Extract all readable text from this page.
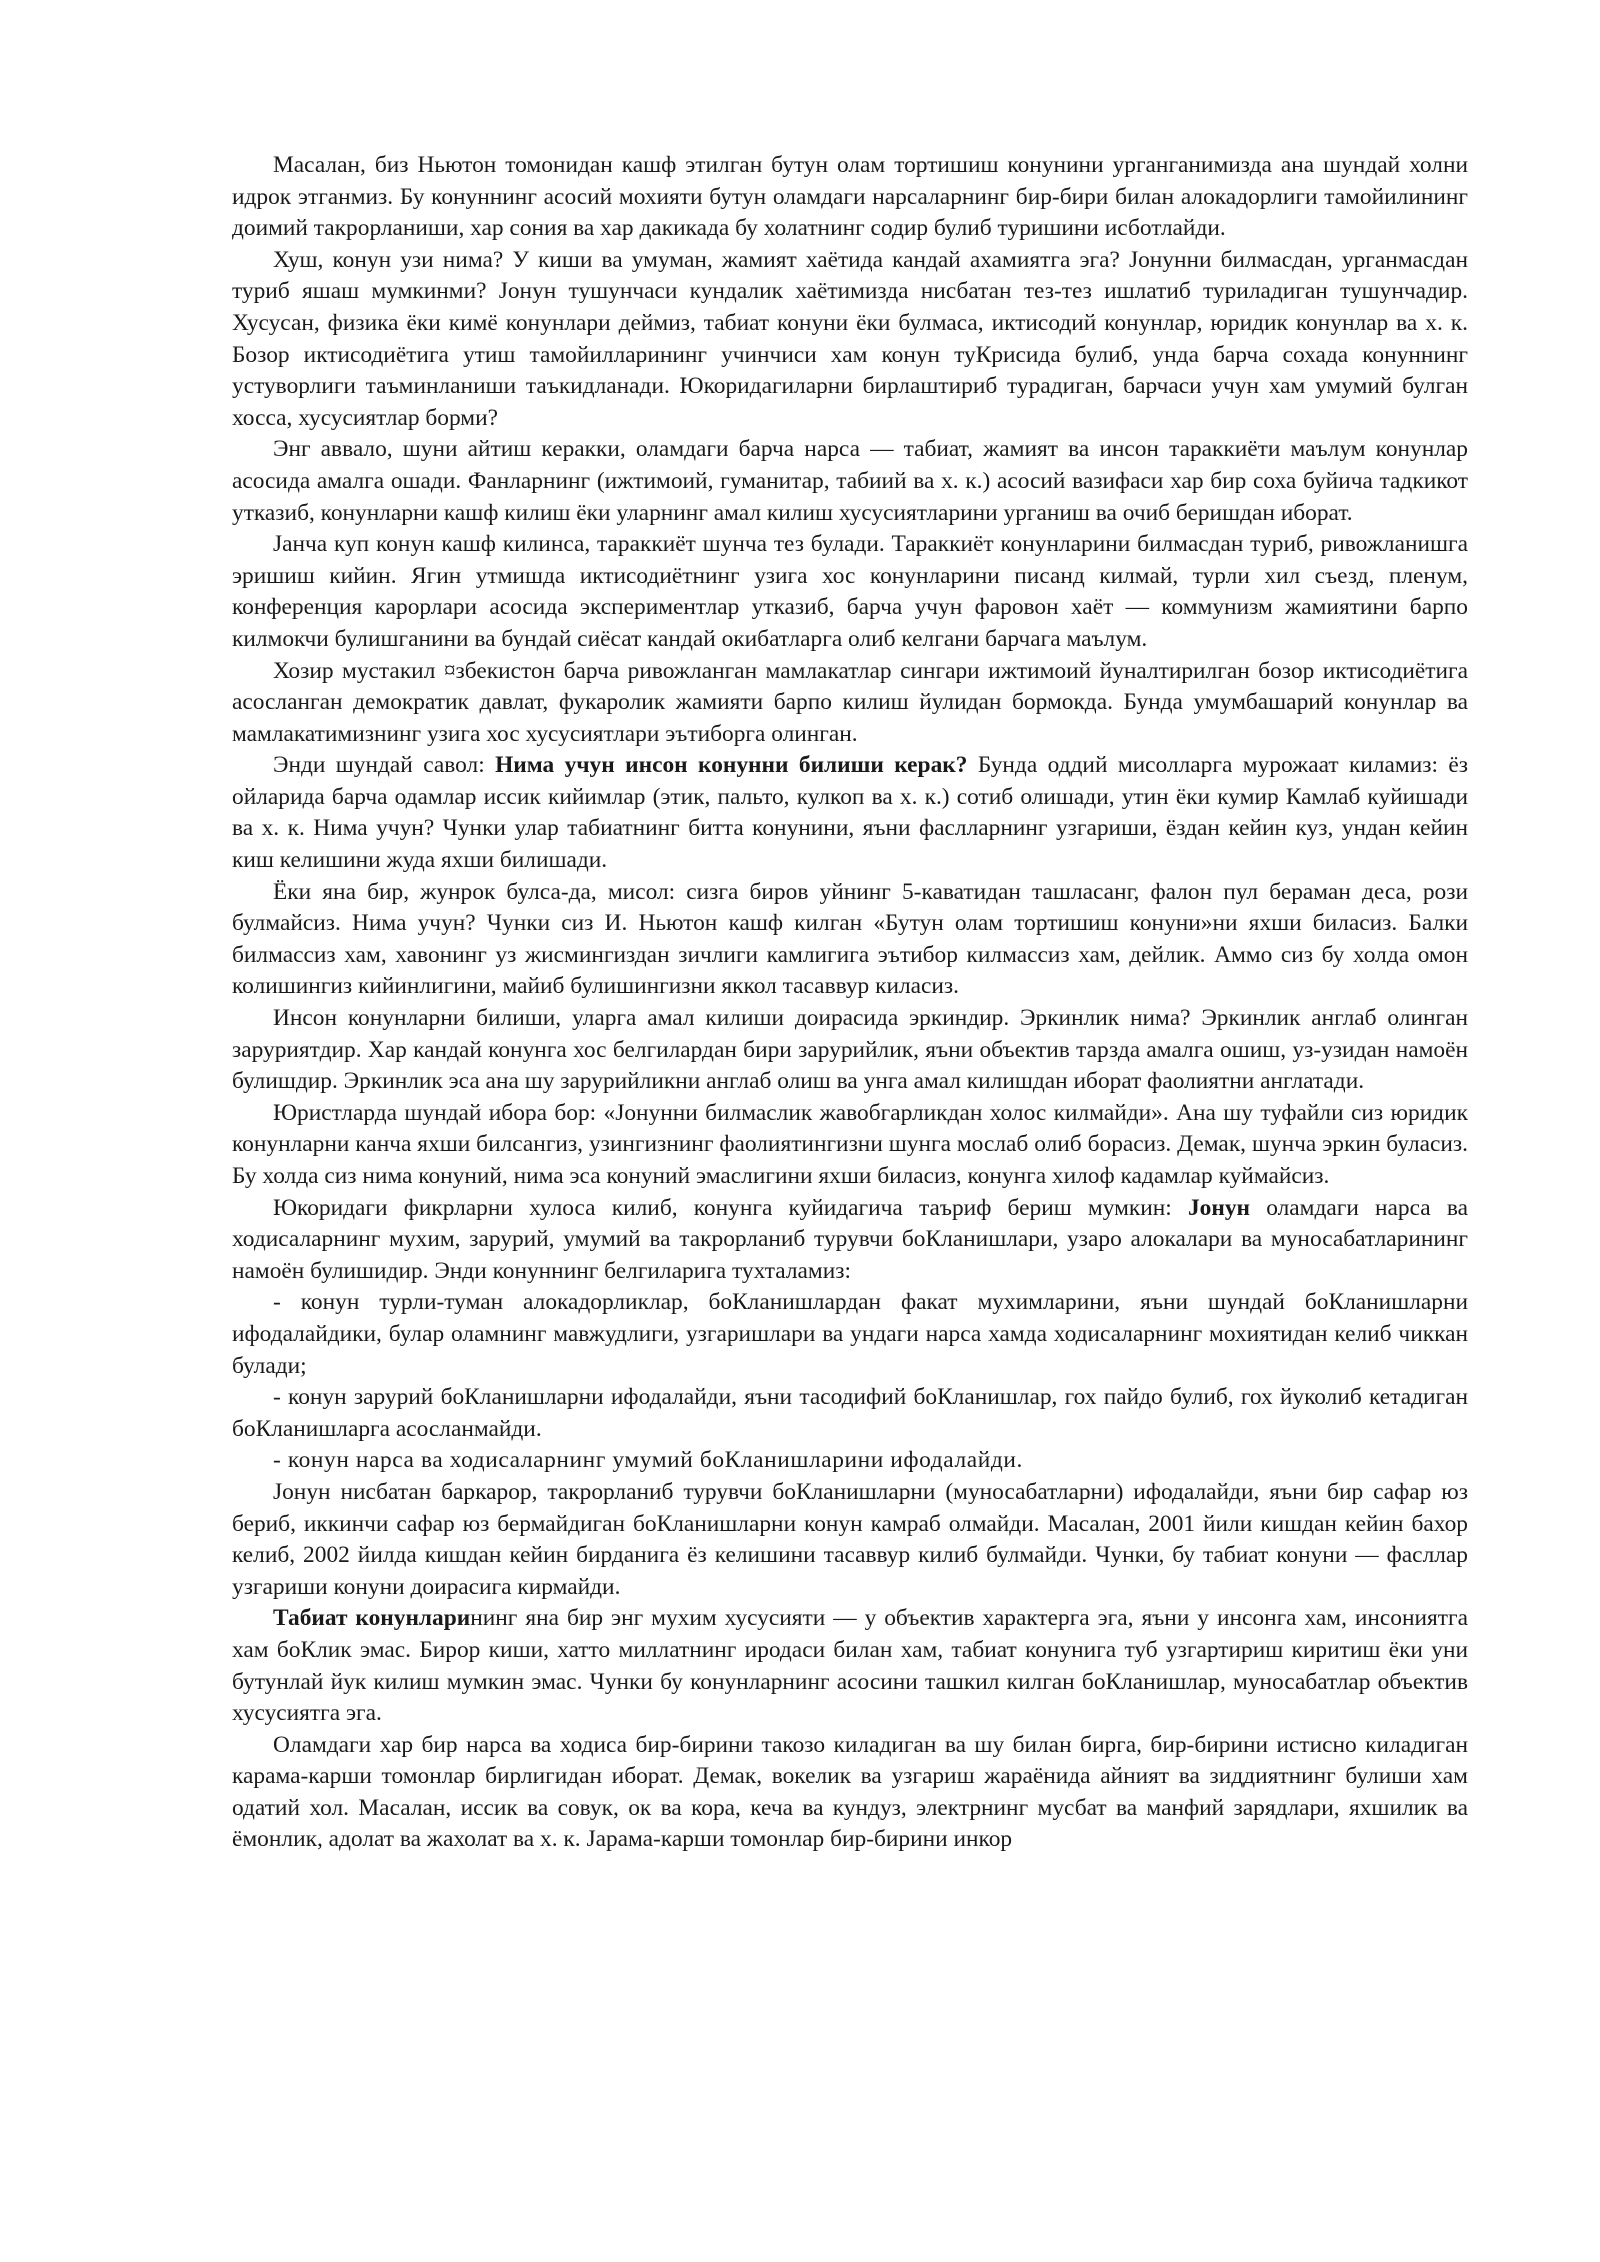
Масалан, биз Ньютон томонидан кашф этилган бутун олам тортишиш конунини урганганимизда ана шундай холни идрок этганмиз. Бу конуннинг асосий мохияти бутун оламдаги нарсаларнинг бир-бири билан алокадорлиги тамойилининг доимий такрорланиши, хар сония ва хар дакикада бу холатнинг содир булиб туришини исботлайди.

Хуш, конун узи нима? У киши ва умуман, жамият хаётида кандай ахамиятга эга? Јонунни билмасдан, урганмасдан туриб яшаш мумкинми? Јонун тушунчаси кундалик хаётимизда нисбатан тез-тез ишлатиб туриладиган тушунчадир. Хусусан, физика ёки кимё конунлари деймиз, табиат конуни ёки булмаса, иктисодий конунлар, юридик конунлар ва х. к. Бозор иктисодиётига утиш тамойилларининг учинчиси хам конун туКрисида булиб, унда барча сохада конуннинг устуворлиги таъминланиши таъкидланади. Юкоридагиларни бирлаштириб турадиган, барчаси учун хам умумий булган хосса, хусусиятлар борми?

Энг аввало, шуни айтиш керакки, оламдаги барча нарса — табиат, жамият ва инсон тараккиёти маълум конунлар асосида амалга ошади. Фанларнинг (ижтимоий, гуманитар, табиий ва х. к.) асосий вазифаси хар бир соха буйича тадкикот утказиб, конунларни кашф килиш ёки уларнинг амал килиш хусусиятларини урганиш ва очиб беришдан иборат.

Јанча куп конун кашф килинса, тараккиёт шунча тез булади. Тараккиёт конунларини билмасдан туриб, ривожланишга эришиш кийин. Ягин утмишда иктисодиётнинг узига хос конунларини писанд килмай, турли хил съезд, пленум, конференция карорлари асосида экспериментлар утказиб, барча учун фаровон хаёт — коммунизм жамиятини барпо килмокчи булишганини ва бундай сиёсат кандай окибатларга олиб келгани барчага маълум.

Хозир мустакил ¤збекистон барча ривожланган мамлакатлар сингари ижтимоий йуналтирилган бозор иктисодиётига асосланган демократик давлат, фукаролик жамияти барпо килиш йулидан бормокда. Бунда умумбашарий конунлар ва мамлакатимизнинг узига хос хусусиятлари эътиборга олинган.

Энди шундай савол: Нима учун инсон конунни билиши керак? Бунда оддий мисолларга мурожаат киламиз: ёз ойларида барча одамлар иссик кийимлар (этик, пальто, кулкоп ва х. к.) сотиб олишади, утин ёки кумир Камлаб куйишади ва х. к. Нима учун? Чунки улар табиатнинг битта конунини, яъни фаслларнинг узгариши, ёздан кейин куз, ундан кейин киш келишини жуда яхши билишади.

Ёки яна бир, жунрок булса-да, мисол: сизга биров уйнинг 5-каватидан ташласанг, фалон пул бераман деса, рози булмайсиз. Нима учун? Чунки сиз И. Ньютон кашф килган «Бутун олам тортишиш конуни»ни яхши биласиз. Балки билмассиз хам, хавонинг уз жисмингиздан зичлиги камлигига эътибор килмассиз хам, дейлик. Аммо сиз бу холда омон колишингиз кийинлигини, майиб булишингизни яккол тасаввур киласиз.

Инсон конунларни билиши, уларга амал килиши доирасида эркиндир. Эркинлик нима? Эркинлик англаб олинган заруриятдир. Хар кандай конунга хос белгилардан бири зарурийлик, яъни объектив тарзда амалга ошиш, уз-узидан намоён булишдир. Эркинлик эса ана шу зарурийликни англаб олиш ва унга амал килишдан иборат фаолиятни англатади.

Юристларда шундай ибора бор: «Јонунни билмаслик жавобгарликдан холос килмайди». Ана шу туфайли сиз юридик конунларни канча яхши билсангиз, узингизнинг фаолиятингизни шунга мослаб олиб борасиз. Демак, шунча эркин буласиз. Бу холда сиз нима конуний, нима эса конуний эмаслигини яхши биласиз, конунга хилоф кадамлар куймайсиз.

Юкоридаги фикрларни хулоса килиб, конунга куйидагича таъриф бериш мумкин: Јонун оламдаги нарса ва ходисаларнинг мухим, зарурий, умумий ва такрорланиб турувчи боКланишлари, узаро алокалари ва муносабатларининг намоён булишидир. Энди конуннинг белгиларига тухталамиз:

- конун турли-туман алокадорликлар, боКланишлардан факат мухимларини, яъни шундай боКланишларни ифодалайдики, булар оламнинг мавжудлиги, узгаришлари ва ундаги нарса хамда ходисаларнинг мохиятидан келиб чиккан булади;

- конун зарурий боКланишларни ифодалайди, яъни тасодифий боКланишлар, гох пайдо булиб, гох йуколиб кетадиган боКланишларга асосланмайди.

- конун нарса ва ходисаларнинг умумий боКланишларини ифодалайди.

Јонун нисбатан баркарор, такрорланиб турувчи боКланишларни (муносабатларни) ифодалайди, яъни бир сафар юз бериб, иккинчи сафар юз бермайдиган боКланишларни конун камраб олмайди. Масалан, 2001 йили кишдан кейин бахор келиб, 2002 йилда кишдан кейин бирданига ёз келишини тасаввур килиб булмайди. Чунки, бу табиат конуни — фасллар узгариши конуни доирасига кирмайди.

Табиат конунларининг яна бир энг мухим хусусияти — у объектив характерга эга, яъни у инсонга хам, инсониятга хам боКлик эмас. Бирор киши, хатто миллатнинг иродаси билан хам, табиат конунига туб узгартириш киритиш ёки уни бутунлай йук килиш мумкин эмас. Чунки бу конунларнинг асосини ташкил килган боКланишлар, муносабатлар объектив хусусиятга эга.

Оламдаги хар бир нарса ва ходиса бир-бирини такозо киладиган ва шу билан бирга, бир-бирини истисно киладиган карама-карши томонлар бирлигидан иборат. Демак, вокелик ва узгариш жараёнида айният ва зиддиятнинг булиши хам одатий хол. Масалан, иссик ва совук, ок ва кора, кеча ва кундуз, электрнинг мусбат ва манфий зарядлари, яхшилик ва ёмонлик, адолат ва жахолат ва х. к. Јарама-карши томонлар бир-бирини инкор
